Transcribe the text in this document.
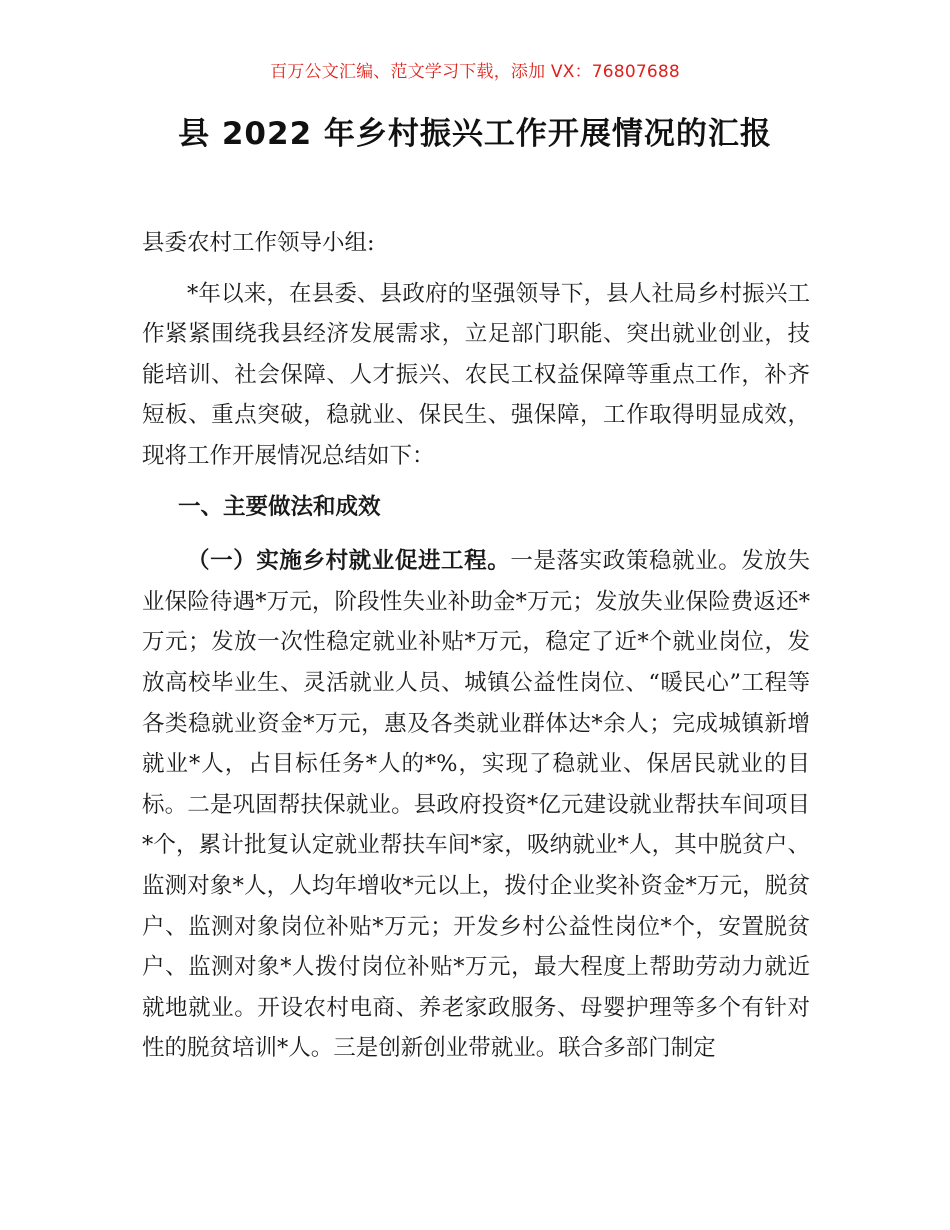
百万公文汇编、范文学习下载，添加 VX：76807688
县 2022 年乡村振兴工作开展情况的汇报

县委农村工作领导小组:

*年以来，在县委、县政府的坚强领导下，县人社局乡村振兴工作紧紧围绕我县经济发展需求，立足部门职能、突出就业创业，技能培训、社会保障、人才振兴、农民工权益保障等重点工作，补齐短板、重点突破，稳就业、保民生、强保障，工作取得明显成效，现将工作开展情况总结如下：

一、主要做法和成效

（一）实施乡村就业促进工程。一是落实政策稳就业。发放失业保险待遇*万元，阶段性失业补助金*万元；发放失业保险费返还*万元；发放一次性稳定就业补贴*万元，稳定了近*个就业岗位，发放高校毕业生、灵活就业人员、城镇公益性岗位、“暖民心”工程等各类稳就业资金*万元，惠及各类就业群体达*余人；完成城镇新增就业*人，占目标任务*人的*%，实现了稳就业、保居民就业的目标。二是巩固帮扶保就业。县政府投资*亿元建设就业帮扶车间项目*个，累计批复认定就业帮扶车间*家，吸纳就业*人，其中脱贫户、监测对象*人，人均年增收*元以上，拨付企业奖补资金*万元，脱贫户、监测对象岗位补贴*万元；开发乡村公益性岗位*个，安置脱贫户、监测对象*人拨付岗位补贴*万元，最大程度上帮助劳动力就近就地就业。开设农村电商、养老家政服务、母婴护理等多个有针对性的脱贫培训*人。三是创新创业带就业。联合多部门制定
